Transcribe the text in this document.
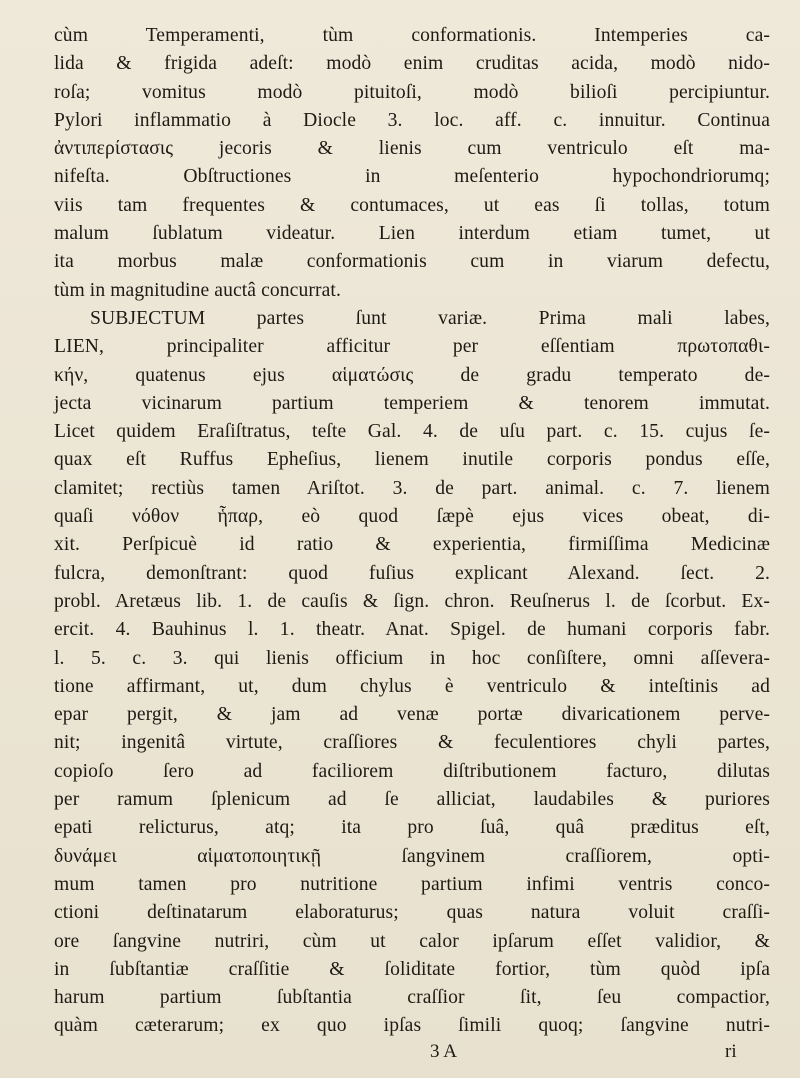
cùm Temperamenti, tùm conformationis. Intemperies ca-
lida & frigida adeſt: modò enim cruditas acida, modò nido-
roſa; vomitus modò pituitoſi, modò bilioſi percipiuntur.
Pylori inflammatio à Diocle 3. loc. aff. c. innuitur. Continua
ἀντιπερίστασις jecoris & lienis cum ventriculo eſt ma-
nifeſta. Obſtructiones in meſenterio hypochondriorumq;
viis tam frequentes & contumaces, ut eas ſi tollas, totum
malum ſublatum videatur. Lien interdum etiam tumet, ut
ita morbus malæ conformationis cum in viarum defectu,
tùm in magnitudine auctâ concurrat.
SUBJECTUM partes ſunt variæ. Prima mali labes,
LIEN, principaliter afficitur per eſſentiam πρωτοπαθι-
κήν, quatenus ejus αἱματώσις de gradu temperato de-
jecta vicinarum partium temperiem & tenorem immutat.
Licet quidem Eraſiſtratus, teſte Gal. 4. de uſu part. c. 15. cujus ſe-
quax eſt Ruffus Epheſius, lienem inutile corporis pondus eſſe,
clamitet; rectiùs tamen Ariſtot. 3. de part. animal. c. 7. lienem
quaſi νόθον ἧπαρ, eò quod ſæpè ejus vices obeat, di-
xit. Perſpicuè id ratio & experientia, firmiſſima Medicinæ
fulcra, demonſtrant: quod fuſius explicant Alexand. ſect. 2.
probl. Aretæus lib. 1. de cauſis & ſign. chron. Reuſnerus l. de ſcorbut. Ex-
ercit. 4. Bauhinus l. 1. theatr. Anat. Spigel. de humani corporis fabr.
l. 5. c. 3. qui lienis officium in hoc conſiſtere, omni aſſevera-
tione affirmant, ut, dum chylus è ventriculo & inteſtinis ad
epar pergit, & jam ad venæ portæ divaricationem perve-
nit; ingenitâ virtute, craſſiores & feculentiores chyli partes,
copioſo ſero ad faciliorem diſtributionem facturo, dilutas
per ramum ſplenicum ad ſe alliciat, laudabiles & puriores
epati relicturus, atq; ita pro ſuâ, quâ præditus eſt,
δυνάμει αἱματοποιητικῇ ſangvinem craſſiorem, opti-
mum tamen pro nutritione partium infimi ventris conco-
ctioni deſtinatarum elaboraturus; quas natura voluit craſſi-
ore ſangvine nutriri, cùm ut calor ipſarum eſſet validior, &
in ſubſtantiæ craſſitie & ſoliditate fortior, tùm quòd ipſa
harum partium ſubſtantia craſſior ſit, ſeu compactior,
quàm cæterarum; ex quo ipſas ſimili quoq; ſangvine nutri-
3 A	ri
